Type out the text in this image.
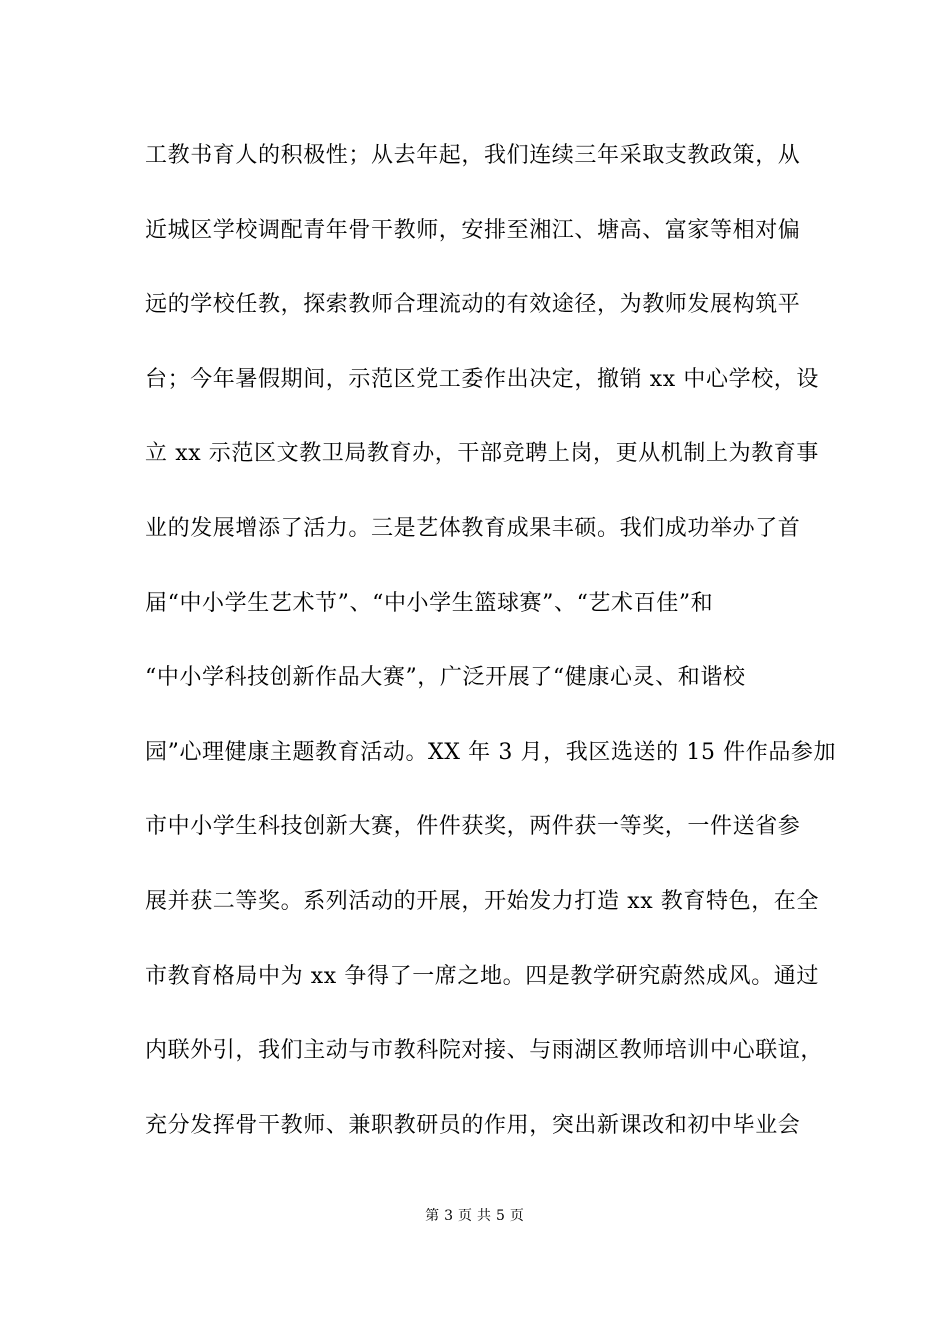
工教书育人的积极性；从去年起，我们连续三年采取支教政策，从
近城区学校调配青年骨干教师，安排至湘江、塘高、富家等相对偏
远的学校任教，探索教师合理流动的有效途径，为教师发展构筑平
台；今年暑假期间，示范区党工委作出决定，撤销 xx 中心学校，设
立 xx 示范区文教卫局教育办，干部竞聘上岗，更从机制上为教育事
业的发展增添了活力。三是艺体教育成果丰硕。我们成功举办了首
届“中小学生艺术节”、“中小学生篮球赛”、“艺术百佳”和
“中小学科技创新作品大赛”，广泛开展了“健康心灵、和谐校
园”心理健康主题教育活动。XX 年 3 月，我区选送的 15 件作品参加
市中小学生科技创新大赛，件件获奖，两件获一等奖，一件送省参
展并获二等奖。系列活动的开展，开始发力打造 xx 教育特色，在全
市教育格局中为 xx 争得了一席之地。四是教学研究蔚然成风。通过
内联外引，我们主动与市教科院对接、与雨湖区教师培训中心联谊，
充分发挥骨干教师、兼职教研员的作用，突出新课改和初中毕业会
第 3 页 共 5 页
